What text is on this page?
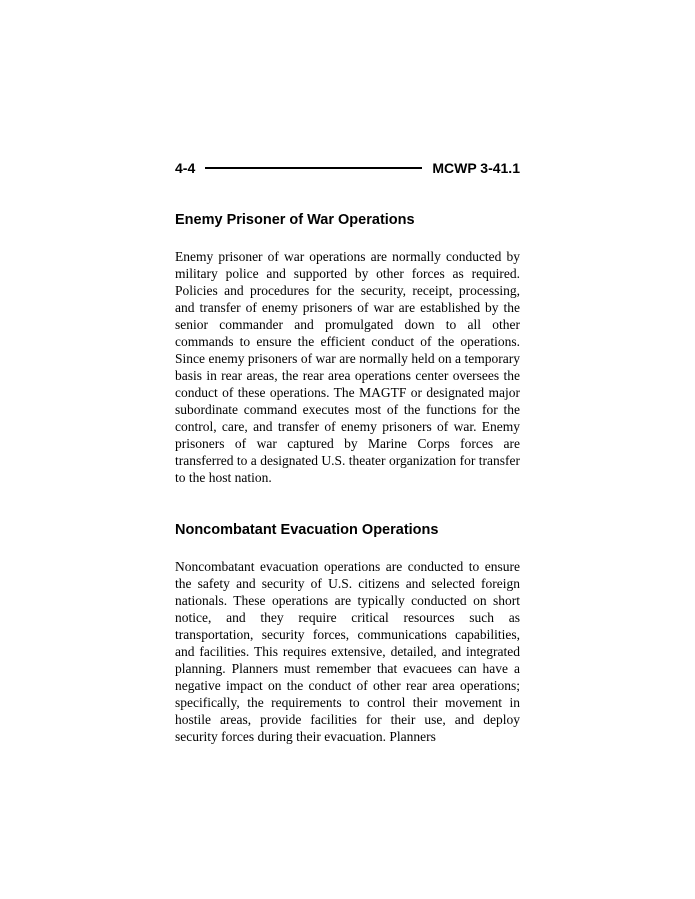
4-4	MCWP 3-41.1
Enemy Prisoner of War Operations

Enemy prisoner of war operations are normally conducted by military police and supported by other forces as required. Policies and procedures for the security, receipt, processing, and transfer of enemy prisoners of war are established by the senior commander and promulgated down to all other commands to ensure the efficient conduct of the operations. Since enemy prisoners of war are normally held on a temporary basis in rear areas, the rear area operations center oversees the conduct of these operations. The MAGTF or designated major subordinate command executes most of the functions for the control, care, and transfer of enemy prisoners of war. Enemy prisoners of war captured by Marine Corps forces are transferred to a designated U.S. theater organization for transfer to the host nation.

Noncombatant Evacuation Operations

Noncombatant evacuation operations are conducted to ensure the safety and security of U.S. citizens and selected foreign nationals. These operations are typically conducted on short notice, and they require critical resources such as transportation, security forces, communications capabilities, and facilities. This requires extensive, detailed, and integrated planning. Planners must remember that evacuees can have a negative impact on the conduct of other rear area operations; specifically, the requirements to control their movement in hostile areas, provide facilities for their use, and deploy security forces during their evacuation. Planners
